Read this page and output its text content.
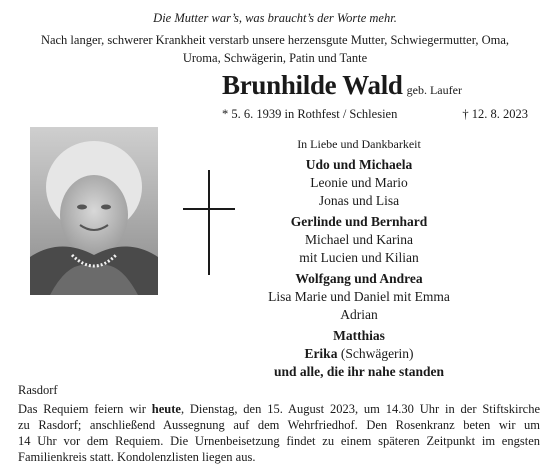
Die Mutter war’s, was braucht’s der Worte mehr.
Nach langer, schwerer Krankheit verstarb unsere herzensgute Mutter, Schwiegermutter, Oma,
Uroma, Schwägerin, Patin und Tante
Brunhilde Wald geb. Laufer
* 5. 6. 1939 in Rothfest / Schlesien	† 12. 8. 2023
In Liebe und Dankbarkeit
Udo und Michaela
Leonie und Mario
Jonas und Lisa
Gerlinde und Bernhard
Michael und Karina
mit Lucien und Kilian
Wolfgang und Andrea
Lisa Marie und Daniel mit Emma
Adrian
Matthias
Erika (Schwägerin)
und alle, die ihr nahe standen
Rasdorf
Das Requiem feiern wir heute, Dienstag, den 15. August 2023, um 14.30 Uhr in der Stiftskirche
zu Rasdorf; anschließend Aussegnung auf dem Wehrfriedhof. Den Rosenkranz beten wir um
14 Uhr vor dem Requiem. Die Urnenbeisetzung findet zu einem späteren Zeitpunkt im engsten
Familienkreis statt. Kondolenzlisten liegen aus.
